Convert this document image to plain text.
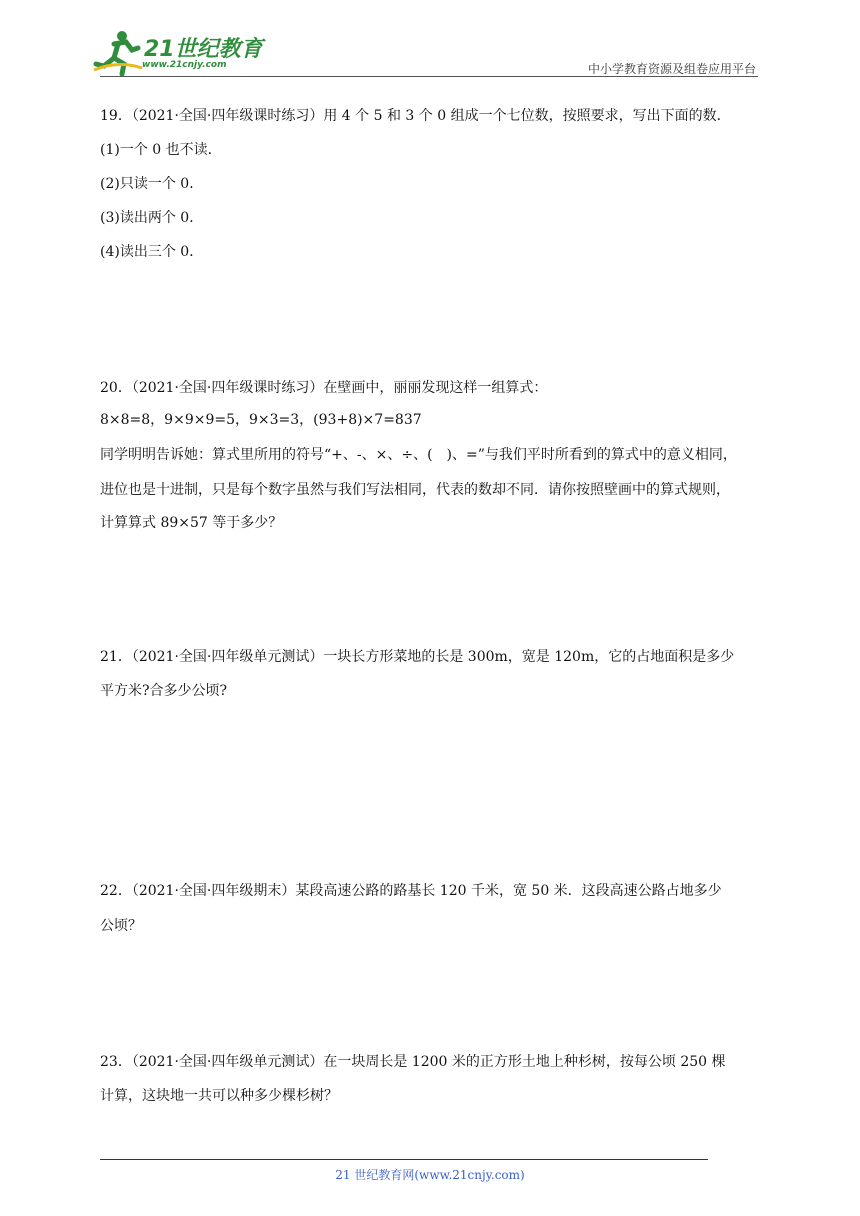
21世纪教育
www.21cnjy.com	中小学教育资源及组卷应用平台
19．（2021·全国·四年级课时练习）用 4 个 5 和 3 个 0 组成一个七位数，按照要求，写出下面的数．
(1)一个 0 也不读．
(2)只读一个 0．
(3)读出两个 0．
(4)读出三个 0．
20．（2021·全国·四年级课时练习）在壁画中，丽丽发现这样一组算式：
8×8=8，9×9×9=5，9×3=3，(93+8)×7=837
同学明明告诉她：算式里所用的符号“+、-、×、÷、(　)、=”与我们平时所看到的算式中的意义相同，
进位也是十进制，只是每个数字虽然与我们写法相同，代表的数却不同．请你按照壁画中的算式规则，
计算算式 89×57 等于多少？
21．（2021·全国·四年级单元测试）一块长方形菜地的长是 300m，宽是 120m，它的占地面积是多少
平方米?合多少公顷?
22．（2021·全国·四年级期末）某段高速公路的路基长 120 千米，宽 50 米．这段高速公路占地多少
公顷？
23．（2021·全国·四年级单元测试）在一块周长是 1200 米的正方形土地上种杉树，按每公顷 250 棵
计算，这块地一共可以种多少棵杉树？
21 世纪教育网(www.21cnjy.com)
